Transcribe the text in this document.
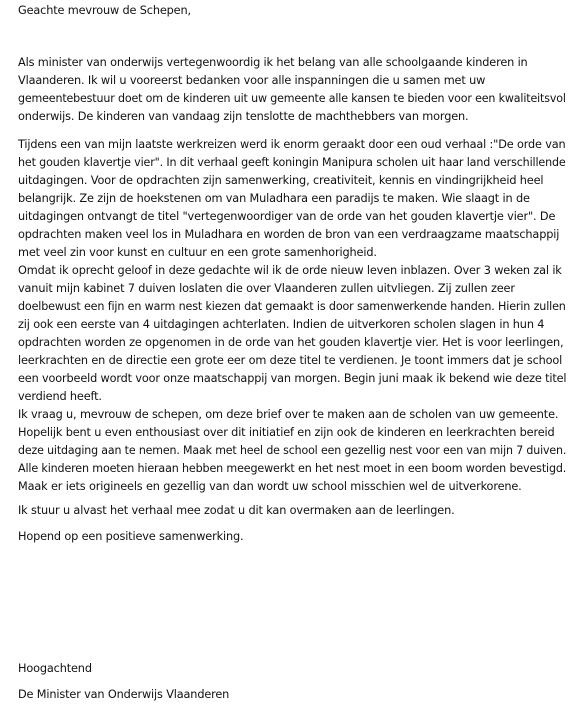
Geachte mevrouw de Schepen,
Als minister van onderwijs vertegenwoordig ik het belang van alle schoolgaande kinderen in
Vlaanderen. Ik wil u vooreerst bedanken voor alle inspanningen die u samen met uw
gemeentebestuur doet om de kinderen uit uw gemeente alle kansen te bieden voor een kwaliteitsvol
onderwijs. De kinderen van vandaag zijn tenslotte de machthebbers van morgen.
Tijdens een van mijn laatste werkreizen werd ik enorm geraakt door een oud verhaal :"De orde van
het gouden klavertje vier". In dit verhaal geeft koningin Manipura scholen uit haar land verschillende
uitdagingen. Voor de opdrachten zijn samenwerking, creativiteit, kennis en vindingrijkheid heel
belangrijk. Ze zijn de hoekstenen om van Muladhara een paradijs te maken. Wie slaagt in de
uitdagingen ontvangt de titel "vertegenwoordiger van de orde van het gouden klavertje vier". De
opdrachten maken veel los in Muladhara en worden de bron van een verdraagzame maatschappij
met veel zin voor kunst en cultuur en een grote samenhorigheid.
Omdat ik oprecht geloof in deze gedachte wil ik de orde nieuw leven inblazen. Over 3 weken zal ik
vanuit mijn kabinet 7 duiven loslaten die over Vlaanderen zullen uitvliegen. Zij zullen zeer
doelbewust een fijn en warm nest kiezen dat gemaakt is door samenwerkende handen. Hierin zullen
zij ook een eerste van 4 uitdagingen achterlaten. Indien de uitverkoren scholen slagen in hun 4
opdrachten worden ze opgenomen in de orde van het gouden klavertje vier. Het is voor leerlingen,
leerkrachten en de directie een grote eer om deze titel te verdienen. Je toont immers dat je school
een voorbeeld wordt voor onze maatschappij van morgen. Begin juni maak ik bekend wie deze titel
verdiend heeft.
Ik vraag u, mevrouw de schepen, om deze brief over te maken aan de scholen van uw gemeente.
Hopelijk bent u even enthousiast over dit initiatief en zijn ook de kinderen en leerkrachten bereid
deze uitdaging aan te nemen. Maak met heel de school een gezellig nest voor een van mijn 7 duiven.
Alle kinderen moeten hieraan hebben meegewerkt en het nest moet in een boom worden bevestigd.
Maak er iets origineels en gezellig van dan wordt uw school misschien wel de uitverkorene.
Ik stuur u alvast het verhaal mee zodat u dit kan overmaken aan de leerlingen.
Hopend op een positieve samenwerking.
Hoogachtend
De Minister van Onderwijs Vlaanderen
